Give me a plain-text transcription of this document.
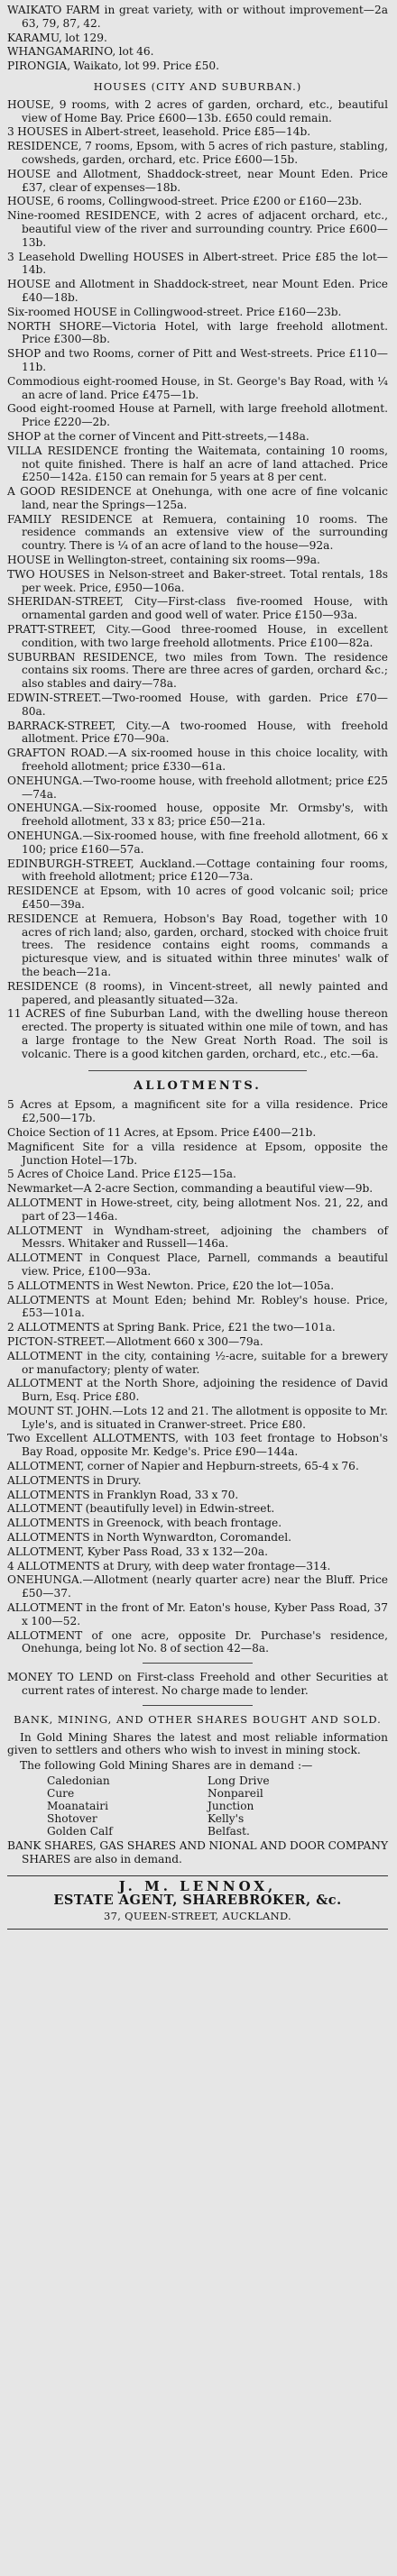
WAIKATO FARM in great variety, with or without improvement—2a 63, 79, 87, 42.
KARAMU, lot 129.
WHANGAMARINO, lot 46.
PIRONGIA, Waikato, lot 99. Price £50.
HOUSES (CITY AND SUBURBAN.)
HOUSE, 9 rooms, with 2 acres of garden, orchard, etc., beautiful view of Home Bay. Price £600—13b. £650 could remain.
3 HOUSES in Albert-street, leasehold. Price £85—14b.
RESIDENCE, 7 rooms, Epsom, with 5 acres of rich pasture, stabling, cowsheds, garden, orchard, etc. Price £600—15b.
HOUSE and Allotment, Shaddock-street, near Mount Eden. Price £37, clear of expenses—18b.
HOUSE, 6 rooms, Collingwood-street. Price £200 or £160—23b.
Nine-roomed RESIDENCE, with 2 acres of adjacent orchard, etc., beautiful view of the river and surrounding country. Price £600—13b.
3 Leasehold Dwelling HOUSES in Albert-street. Price £85 the lot—14b.
HOUSE and Allotment in Shaddock-street, near Mount Eden. Price £40—18b.
Six-roomed HOUSE in Collingwood-street. Price £160—23b.
NORTH SHORE—Victoria Hotel, with large freehold allotment. Price £300—8b.
SHOP and two Rooms, corner of Pitt and West-streets. Price £110—11b.
Commodious eight-roomed House, in St. George's Bay Road, with ¼ an acre of land. Price £475—1b.
Good eight-roomed House at Parnell, with large freehold allotment. Price £220—2b.
SHOP at the corner of Vincent and Pitt-streets,—148a.
VILLA RESIDENCE fronting the Waitemata, containing 10 rooms, not quite finished. There is half an acre of land attached. Price £250—142a. £150 can remain for 5 years at 8 per cent.
A GOOD RESIDENCE at Onehunga, with one acre of fine volcanic land, near the Springs—125a.
FAMILY RESIDENCE at Remuera, containing 10 rooms. The residence commands an extensive view of the surrounding country. There is ¼ of an acre of land to the house—92a.
HOUSE in Wellington-street, containing six rooms—99a.
TWO HOUSES in Nelson-street and Baker-street. Total rentals, 18s per week. Price, £950—106a.
SHERIDAN-STREET, City—First-class five-roomed House, with ornamental garden and good well of water. Price £150—93a.
PRATT-STREET, City.—Good three-roomed House, in excellent condition, with two large freehold allotments. Price £100—82a.
SUBURBAN RESIDENCE, two miles from Town. The residence contains six rooms. There are three acres of garden, orchard &c.; also stables and dairy—78a.
EDWIN-STREET.—Two-roomed House, with garden. Price £70—80a.
BARRACK-STREET, City.—A two-roomed House, with freehold allotment. Price £70—90a.
GRAFTON ROAD.—A six-roomed house in this choice locality, with freehold allotment; price £330—61a.
ONEHUNGA.—Two-roome house, with freehold allotment; price £25—74a.
ONEHUNGA.—Six-roomed house, opposite Mr. Ormsby's, with freehold allotment, 33 x 83; price £50—21a.
ONEHUNGA.—Six-roomed house, with fine freehold allotment, 66 x 100; price £160—57a.
EDINBURGH-STREET, Auckland.—Cottage containing four rooms, with freehold allotment; price £120—73a.
RESIDENCE at Epsom, with 10 acres of good volcanic soil; price £450—39a.
RESIDENCE at Remuera, Hobson's Bay Road, together with 10 acres of rich land; also, garden, orchard, stocked with choice fruit trees. The residence contains eight rooms, commands a picturesque view, and is situated within three minutes' walk of the beach—21a.
RESIDENCE (8 rooms), in Vincent-street, all newly painted and papered, and pleasantly situated—32a.
11 ACRES of fine Suburban Land, with the dwelling house thereon erected. The property is situated within one mile of town, and has a large frontage to the New Great North Road. The soil is volcanic. There is a good kitchen garden, orchard, etc., etc.—6a.
ALLOTMENTS.
5 Acres at Epsom, a magnificent site for a villa residence. Price £2,500—17b.
Choice Section of 11 Acres, at Epsom. Price £400—21b.
Magnificent Site for a villa residence at Epsom, opposite the Junction Hotel—17b.
5 Acres of Choice Land. Price £125—15a.
Newmarket—A 2-acre Section, commanding a beautiful view—9b.
ALLOTMENT in Howe-street, city, being allotment Nos. 21, 22, and part of 23—146a.
ALLOTMENT in Wyndham-street, adjoining the chambers of Messrs. Whitaker and Russell—146a.
ALLOTMENT in Conquest Place, Parnell, commands a beautiful view. Price, £100—93a.
5 ALLOTMENTS in West Newton. Price, £20 the lot—105a.
ALLOTMENTS at Mount Eden; behind Mr. Robley's house. Price, £53—101a.
2 ALLOTMENTS at Spring Bank. Price, £21 the two—101a.
PICTON-STREET.—Allotment 660 x 300—79a.
ALLOTMENT in the city, containing ½-acre, suitable for a brewery or manufactory; plenty of water.
ALLOTMENT at the North Shore, adjoining the residence of David Burn, Esq. Price £80.
MOUNT ST. JOHN.—Lots 12 and 21. The allotment is opposite to Mr. Lyle's, and is situated in Cranwer-street. Price £80.
Two Excellent ALLOTMENTS, with 103 feet frontage to Hobson's Bay Road, opposite Mr. Kedge's. Price £90—144a.
ALLOTMENT, corner of Napier and Hepburn-streets, 65-4 x 76.
ALLOTMENTS in Drury.
ALLOTMENTS in Franklyn Road, 33 x 70.
ALLOTMENT (beautifully level) in Edwin-street.
ALLOTMENTS in Greenock, with beach frontage.
ALLOTMENTS in North Wynwardton, Coromandel.
ALLOTMENT, Kyber Pass Road, 33 x 132—20a.
4 ALLOTMENTS at Drury, with deep water frontage—314.
ONEHUNGA.—Allotment (nearly quarter acre) near the Bluff. Price £50—37.
ALLOTMENT in the front of Mr. Eaton's house, Kyber Pass Road, 37 x 100—52.
ALLOTMENT of one acre, opposite Dr. Purchase's residence, Onehunga, being lot No. 8 of section 42—8a.
MONEY TO LEND on First-class Freehold and other Securities at current rates of interest. No charge made to lender.
BANK, MINING, AND OTHER SHARES BOUGHT AND SOLD.
In Gold Mining Shares the latest and most reliable information given to settlers and others who wish to invest in mining stock.
The following Gold Mining Shares are in demand :—
Caledonian	Long Drive
Cure	Nonpareil
Moanatairi	Junction
Shotover	Kelly's
Golden Calf	Belfast.
BANK SHARES, GAS SHARES AND NIONAL AND DOOR COMPANY SHARES are also in demand.
J. M. LENNOX,
ESTATE AGENT, SHAREBROKER, &c.
37, QUEEN-STREET, AUCKLAND.
